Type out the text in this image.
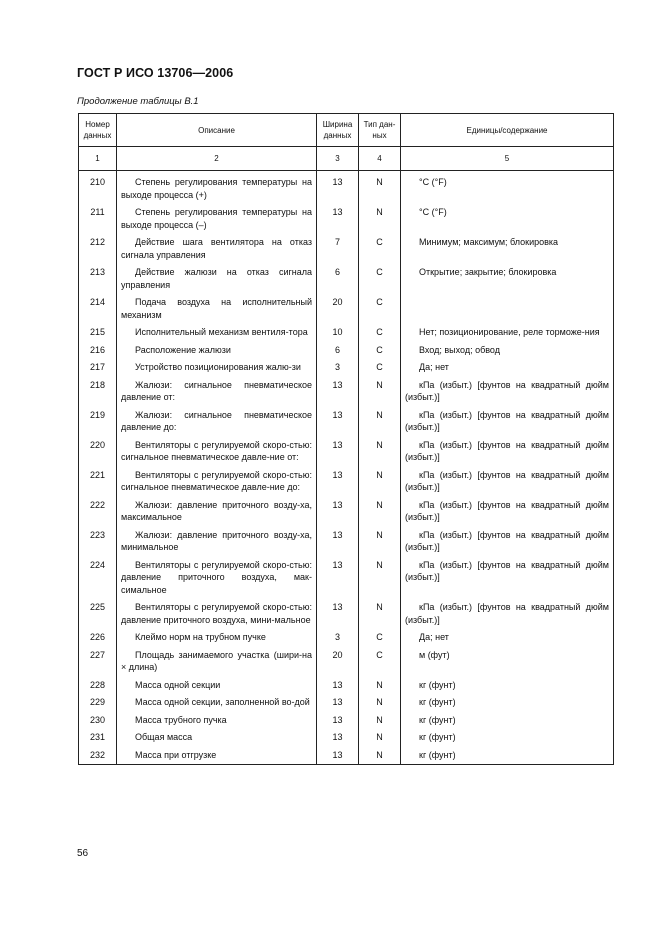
ГОСТ Р ИСО 13706—2006
Продолжение таблицы В.1
Номер данных	Описание	Ширина данных	Тип дан-ных	Единицы/содержание
1	2	3	4	5
210	Степень регулирования температуры на выходе процесса (+)	13	N	°C (°F)
211	Степень регулирования температуры на выходе процесса (–)	13	N	°C (°F)
212	Действие шага вентилятора на отказ сигнала управления	7	C	Минимум; максимум; блокировка
213	Действие жалюзи на отказ сигнала управления	6	C	Открытие; закрытие; блокировка
214	Подача воздуха на исполнительный механизм	20	C	
215	Исполнительный механизм вентиля-тора	10	C	Нет; позиционирование, реле торможе-ния
216	Расположение жалюзи	6	C	Вход; выход; обвод
217	Устройство позиционирования жалю-зи	3	C	Да; нет
218	Жалюзи: сигнальное пневматическое давление от:	13	N	кПа (избыт.) [фунтов на квадратный дюйм (избыт.)]
219	Жалюзи: сигнальное пневматическое давление до:	13	N	кПа (избыт.) [фунтов на квадратный дюйм (избыт.)]
220	Вентиляторы с регулируемой скоро-стью: сигнальное пневматическое давле-ние от:	13	N	кПа (избыт.) [фунтов на квадратный дюйм (избыт.)]
221	Вентиляторы с регулируемой скоро-стью: сигнальное пневматическое давле-ние до:	13	N	кПа (избыт.) [фунтов на квадратный дюйм (избыт.)]
222	Жалюзи: давление приточного возду-ха, максимальное	13	N	кПа (избыт.) [фунтов на квадратный дюйм (избыт.)]
223	Жалюзи: давление приточного возду-ха, минимальное	13	N	кПа (избыт.) [фунтов на квадратный дюйм (избыт.)]
224	Вентиляторы с регулируемой скоро-стью: давление приточного воздуха, мак-симальное	13	N	кПа (избыт.) [фунтов на квадратный дюйм (избыт.)]
225	Вентиляторы с регулируемой скоро-стью: давление приточного воздуха, мини-мальное	13	N	кПа (избыт.) [фунтов на квадратный дюйм (избыт.)]
226	Клеймо норм на трубном пучке	3	C	Да; нет
227	Площадь занимаемого участка (шири-на × длина)	20	C	м (фут)
228	Масса одной секции	13	N	кг (фунт)
229	Масса одной секции, заполненной во-дой	13	N	кг (фунт)
230	Масса трубного пучка	13	N	кг (фунт)
231	Общая масса	13	N	кг (фунт)
232	Масса при отгрузке	13	N	кг (фунт)
56
